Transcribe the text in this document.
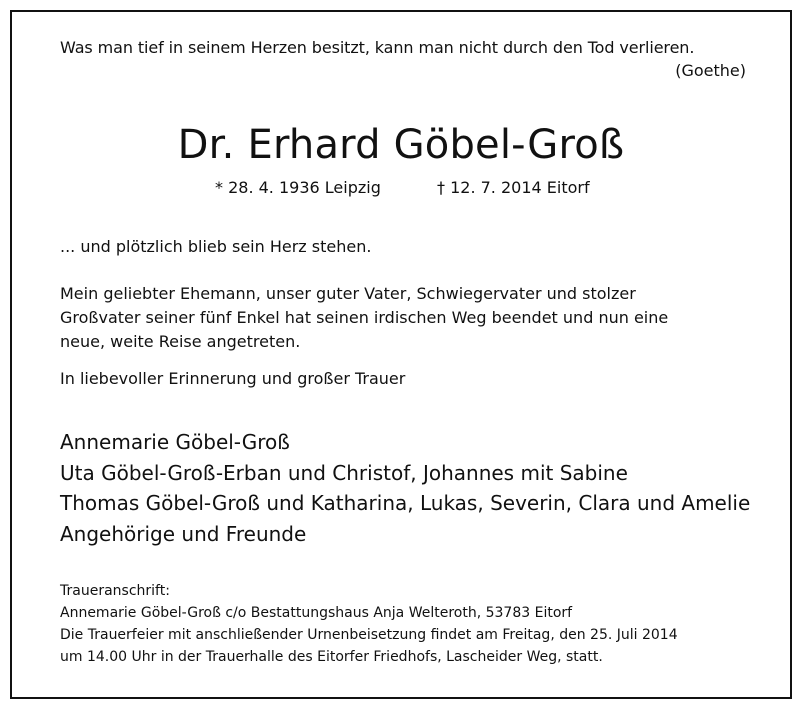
Was man tief in seinem Herzen besitzt, kann man nicht durch den Tod verlieren.
(Goethe)
Dr. Erhard Göbel-Groß
* 28. 4. 1936 Leipzig	† 12. 7. 2014 Eitorf
... und plötzlich blieb sein Herz stehen.
Mein geliebter Ehemann, unser guter Vater, Schwiegervater und stolzer
Großvater seiner fünf Enkel hat seinen irdischen Weg beendet und nun eine
neue, weite Reise angetreten.
In liebevoller Erinnerung und großer Trauer
Annemarie Göbel-Groß
Uta Göbel-Groß-Erban und Christof, Johannes mit Sabine
Thomas Göbel-Groß und Katharina, Lukas, Severin, Clara und Amelie
Angehörige und Freunde
Traueranschrift:
Annemarie Göbel-Groß c/o Bestattungshaus Anja Welteroth, 53783 Eitorf
Die Trauerfeier mit anschließender Urnenbeisetzung findet am Freitag, den 25. Juli 2014
um 14.00 Uhr in der Trauerhalle des Eitorfer Friedhofs, Lascheider Weg, statt.
